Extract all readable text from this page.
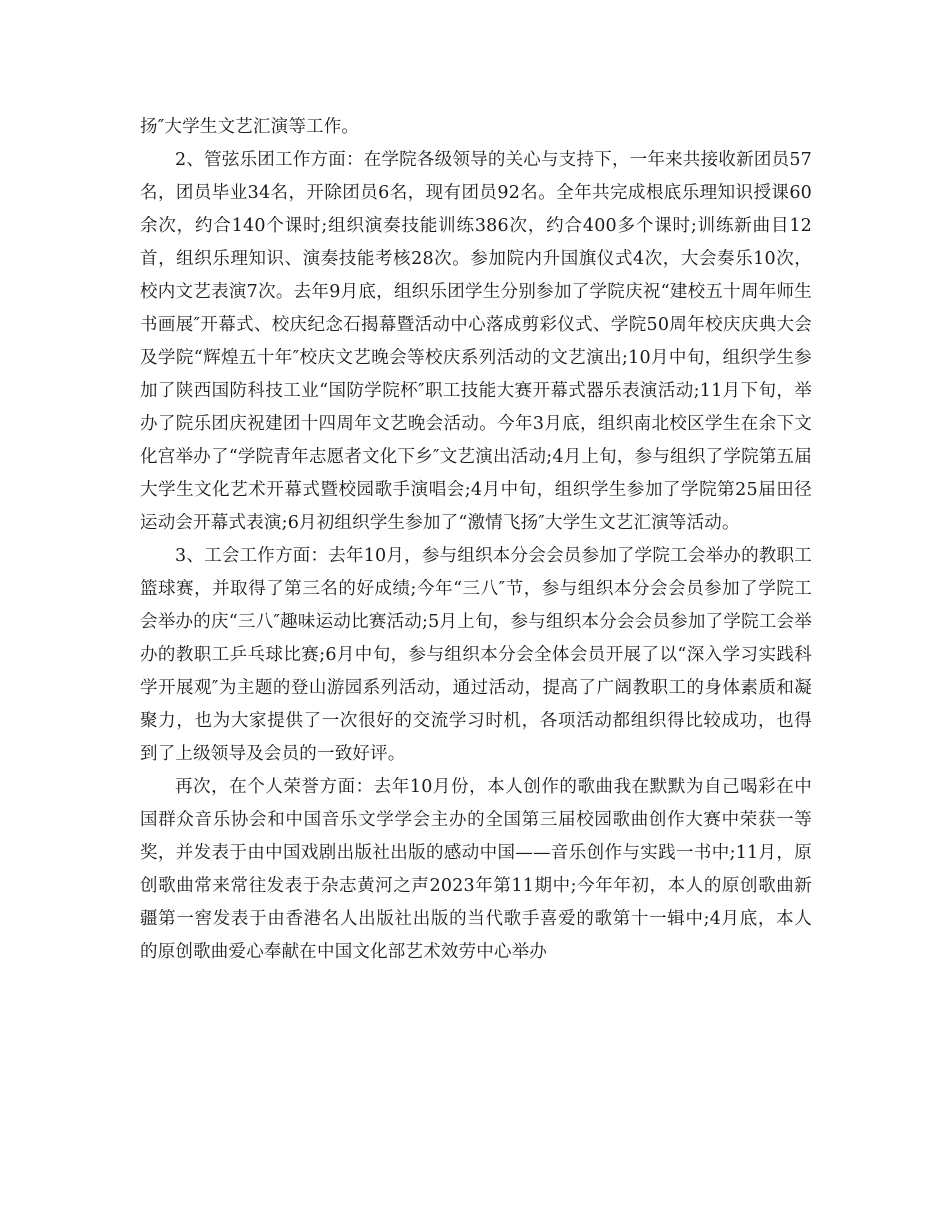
扬″大学生文艺汇演等工作。

2、管弦乐团工作方面：在学院各级领导的关心与支持下，一年来共接收新团员57名，团员毕业34名，开除团员6名，现有团员92名。全年共完成根底乐理知识授课60余次，约合140个课时;组织演奏技能训练386次，约合400多个课时;训练新曲目12首，组织乐理知识、演奏技能考核28次。参加院内升国旗仪式4次，大会奏乐10次，校内文艺表演7次。去年9月底，组织乐团学生分别参加了学院庆祝“建校五十周年师生书画展″开幕式、校庆纪念石揭幕暨活动中心落成剪彩仪式、学院50周年校庆庆典大会及学院“辉煌五十年″校庆文艺晚会等校庆系列活动的文艺演出;10月中旬，组织学生参加了陕西国防科技工业“国防学院杯″职工技能大赛开幕式器乐表演活动;11月下旬，举办了院乐团庆祝建团十四周年文艺晚会活动。今年3月底，组织南北校区学生在余下文化宫举办了“学院青年志愿者文化下乡″文艺演出活动;4月上旬，参与组织了学院第五届大学生文化艺术开幕式暨校园歌手演唱会;4月中旬，组织学生参加了学院第25届田径运动会开幕式表演;6月初组织学生参加了“激情飞扬″大学生文艺汇演等活动。

3、工会工作方面：去年10月，参与组织本分会会员参加了学院工会举办的教职工篮球赛，并取得了第三名的好成绩;今年“三八″节，参与组织本分会会员参加了学院工会举办的庆“三八″趣味运动比赛活动;5月上旬，参与组织本分会会员参加了学院工会举办的教职工乒乓球比赛;6月中旬，参与组织本分会全体会员开展了以“深入学习实践科学开展观″为主题的登山游园系列活动，通过活动，提高了广阔教职工的身体素质和凝聚力，也为大家提供了一次很好的交流学习时机，各项活动都组织得比较成功，也得到了上级领导及会员的一致好评。

再次，在个人荣誉方面：去年10月份，本人创作的歌曲我在默默为自己喝彩在中国群众音乐协会和中国音乐文学学会主办的全国第三届校园歌曲创作大赛中荣获一等奖，并发表于由中国戏剧出版社出版的感动中国——音乐创作与实践一书中;11月，原创歌曲常来常往发表于杂志黄河之声2023年第11期中;今年年初，本人的原创歌曲新疆第一窖发表于由香港名人出版社出版的当代歌手喜爱的歌第十一辑中;4月底，本人的原创歌曲爱心奉献在中国文化部艺术效劳中心举办
